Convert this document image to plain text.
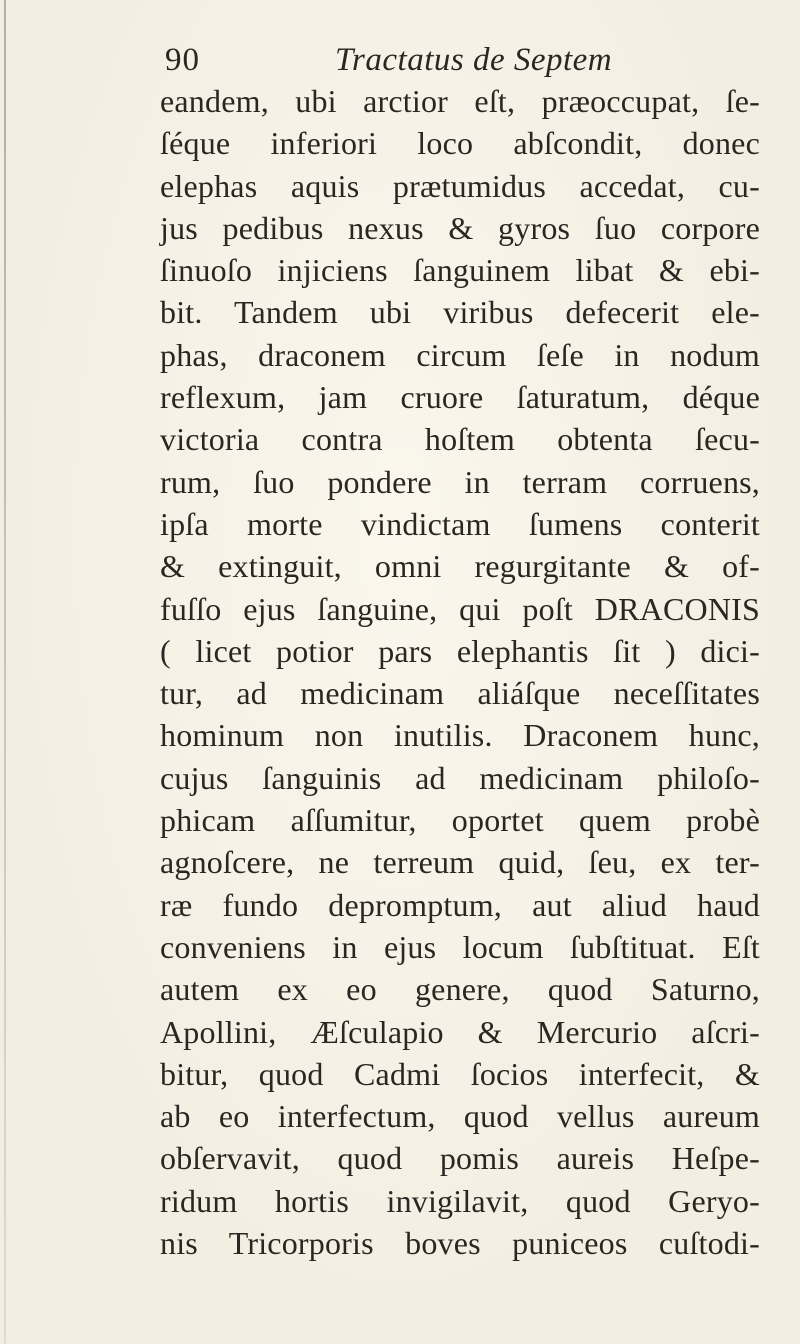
90	Tractatus de Septem
eandem, ubi arctior eſt, præoccupat, ſe-
ſéque inferiori loco abſcondit, donec
elephas aquis prætumidus accedat, cu-
jus pedibus nexus & gyros ſuo corpore
ſinuoſo injiciens ſanguinem libat & ebi-
bit. Tandem ubi viribus defecerit ele-
phas, draconem circum ſeſe in nodum
reflexum, jam cruore ſaturatum, déque
victoria contra hoſtem obtenta ſecu-
rum, ſuo pondere in terram corruens,
ipſa morte vindictam ſumens conterit
& extinguit, omni regurgitante & of-
fuſſo ejus ſanguine, qui poſt DRACONIS
( licet potior pars elephantis ſit ) dici-
tur, ad medicinam aliáſque neceſſitates
hominum non inutilis. Draconem hunc,
cujus ſanguinis ad medicinam philoſo-
phicam aſſumitur, oportet quem probè
agnoſcere, ne terreum quid, ſeu, ex ter-
ræ fundo depromptum, aut aliud haud
conveniens in ejus locum ſubſtituat. Eſt
autem ex eo genere, quod Saturno,
Apollini, Æſculapio & Mercurio aſcri-
bitur, quod Cadmi ſocios interfecit, &
ab eo interfectum, quod vellus aureum
obſervavit, quod pomis aureis Heſpe-
ridum hortis invigilavit, quod Geryo-
nis Tricorporis boves puniceos cuſtodi-
